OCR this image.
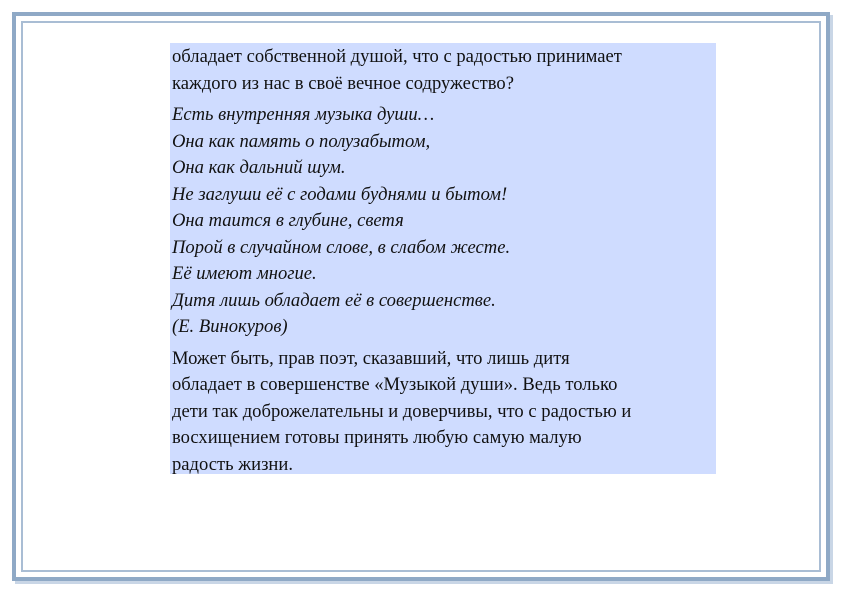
обладает собственной душой, что с радостью принимает
каждого из нас в своё вечное содружество?

Есть внутренняя музыка души…
Она как память о полузабытом,
Она как дальний шум.
Не заглуши её с годами буднями и бытом!
Она таится в глубине, светя
Порой в случайном слове, в слабом жесте.
Её имеют многие.
Дитя лишь обладает её в совершенстве.
(Е. Винокуров)

Может быть, прав поэт, сказавший, что лишь дитя
обладает в совершенстве «Музыкой души». Ведь только
дети так доброжелательны и доверчивы, что с радостью и
восхищением готовы принять любую самую малую
радость жизни.
